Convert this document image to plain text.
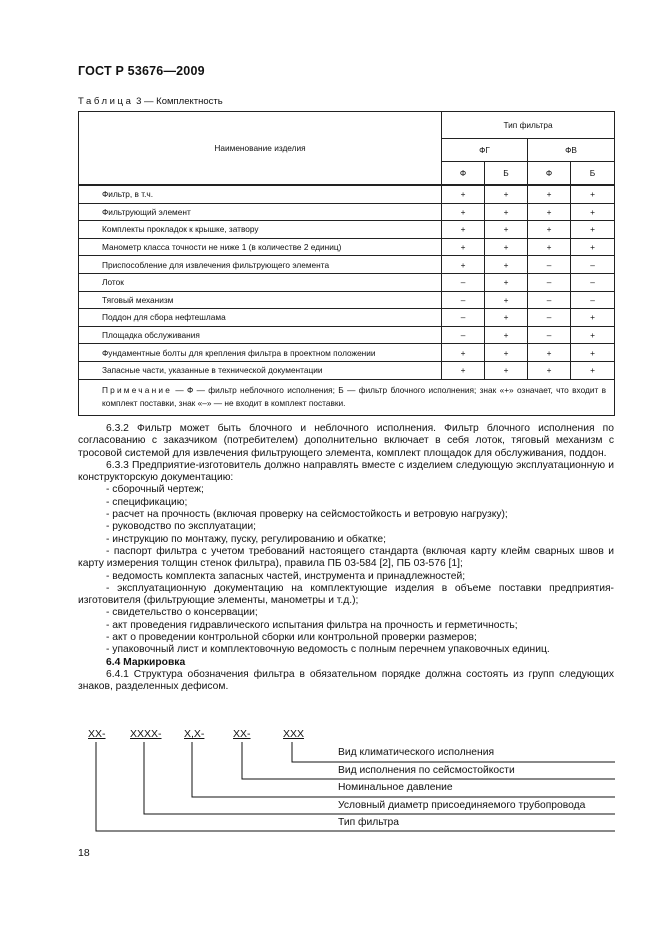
ГОСТ Р 53676—2009
Таблица 3 — Комплектность
Наименование изделия	Тип фильтра			
	ФГ		ФВ	
	Ф	Б	Ф	Б
Фильтр, в т.ч.	+	+	+	+
Фильтрующий элемент	+	+	+	+
Комплекты прокладок к крышке, затвору	+	+	+	+
Манометр класса точности не ниже 1 (в количестве 2 единиц)	+	+	+	+
Приспособление для извлечения фильтрующего элемента	+	+	–	–
Лоток	–	+	–	–
Тяговый механизм	–	+	–	–
Поддон для сбора нефтешлама	–	+	–	+
Площадка обслуживания	–	+	–	+
Фундаментные болты для крепления фильтра в проектном положении	+	+	+	+
Запасные части, указанные в технической документации	+	+	+	+
Примечание — Ф — фильтр неблочного исполнения; Б — фильтр блочного исполнения; знак «+» означает, что входит в комплект поставки, знак «–» — не входит в комплект поставки.				

6.3.2 Фильтр может быть блочного и неблочного исполнения. Фильтр блочного исполнения по согласованию с заказчиком (потребителем) дополнительно включает в себя лоток, тяговый механизм с тросовой системой для извлечения фильтрующего элемента, комплект площадок для обслуживания, поддон.

6.3.3 Предприятие-изготовитель должно направлять вместе с изделием следующую эксплуатационную и конструкторскую документацию:

- сборочный чертеж;

- спецификацию;

- расчет на прочность (включая проверку на сейсмостойкость и ветровую нагрузку);

- руководство по эксплуатации;

- инструкцию по монтажу, пуску, регулированию и обкатке;

- паспорт фильтра с учетом требований настоящего стандарта (включая карту клейм сварных швов и карту измерения толщин стенок фильтра), правила ПБ 03-584 [2], ПБ 03-576 [1];

- ведомость комплекта запасных частей, инструмента и принадлежностей;

- эксплуатационную документацию на комплектующие изделия в объеме поставки предприятия-изготовителя (фильтрующие элементы, манометры и т.д.);

- свидетельство о консервации;

- акт проведения гидравлического испытания фильтра на прочность и герметичность;

- акт о проведении контрольной сборки или контрольной проверки размеров;

- упаковочный лист и комплектовочную ведомость с полным перечнем упаковочных единиц.

6.4 Маркировка

6.4.1 Структура обозначения фильтра в обязательном порядке должна состоять из групп следующих знаков, разделенных дефисом.

ХХ- ХХХХ- Х,Х-	ХХ-	ХХХ
Вид климатического исполнения
Вид исполнения по сейсмостойкости
Номинальное давление
Условный диаметр присоединяемого трубопровода
Тип фильтра
18
